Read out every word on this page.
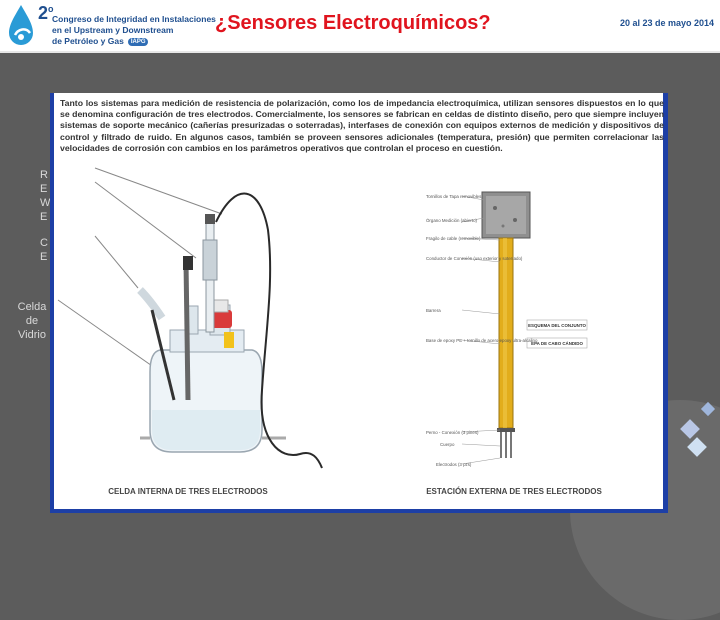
2$^o$
Congreso de Integridad en Instalaciones
en el Upstream y Downstream
de Petróleo y Gas IAPG
¿Sensores Electroquímicos?	20 al 23 de mayo 2014
R
E
W
E
C
E
Celda
de
Vidrio
Tanto los sistemas para medición de resistencia de polarización, como los de impedancia electroquímica, utilizan sensores dispuestos en lo que se denomina configuración de tres electrodos. Comercialmente, los sensores se fabrican en celdas de distinto diseño, pero que siempre incluyen sistemas de soporte mecánico (cañerías presurizadas o soterradas), interfases de conexión con equipos externos de medición y dispositivos de control y filtrado de ruido. En algunos casos, también se proveen sensores adicionales (temperatura, presión) que permiten correlacionar las velocidades de corrosión con cambios en los parámetros operativos que controlan el proceso en cuestión.
CELDA INTERNA DE TRES ELECTRODOS
Tornillos de Tapa removibles
Órgano Medición (abierto)
Fragilo de cable (removible)
Conductor de Conexión (uso exterior y soterrado)
Barrera
Base de epoxy PE + tornillo de acero epoxy ultra-alcalino
Perno - Conexión (3 pines)
Cuerpo
Electrodos (3 pzs)
ESQUEMA DEL CONJUNTO
EPA DE CABO CÁNDIDO
ESTACIÓN EXTERNA DE TRES ELECTRODOS
